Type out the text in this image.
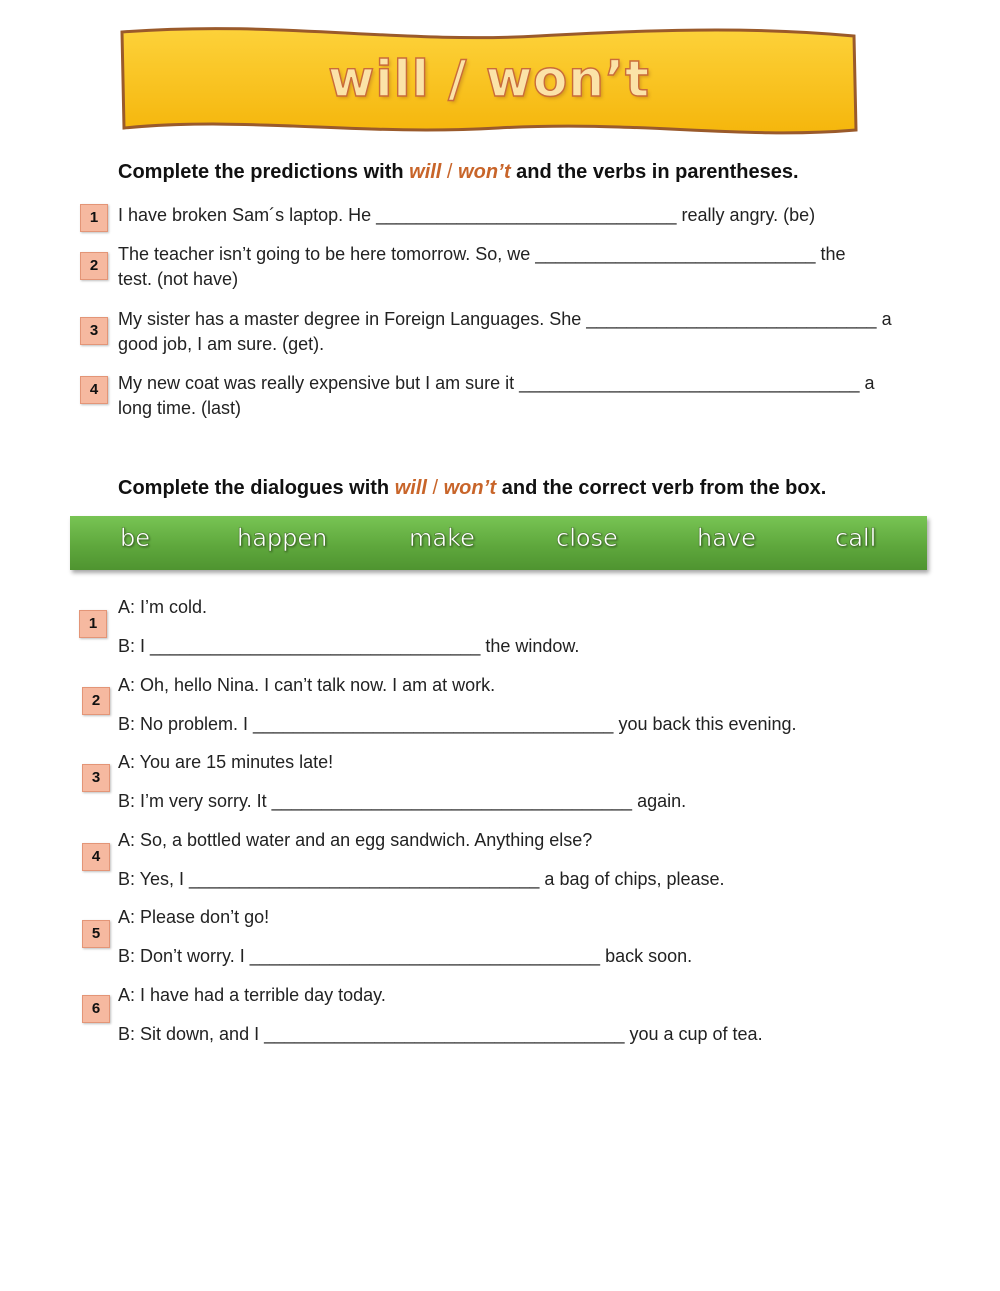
will / won’t
Complete the predictions with will / won’t and the verbs in parentheses.
1	I have broken Sam´s laptop. He ______________________________ really angry. (be)
2
The teacher isn’t going to be here tomorrow. So, we ____________________________ the
test. (not have)
3
My sister has a master degree in Foreign Languages. She _____________________________ a
good job, I am sure. (get).
4	My new coat was really expensive but I am sure it __________________________________ a
long time. (last)
Complete the dialogues with will / won’t and the correct verb from the box.
be	happen	make	close	have	call
1
A: I’m cold.
B: I _________________________________ the window.
2
A: Oh, hello Nina. I can’t talk now. I am at work.
B: No problem. I ____________________________________ you back this evening.
3
A: You are 15 minutes late!
B: I’m very sorry. It ____________________________________ again.
4
A: So, a bottled water and an egg sandwich. Anything else?
B: Yes, I ___________________________________ a bag of chips, please.
5
A: Please don’t go!
B: Don’t worry. I ___________________________________ back soon.
6
A: I have had a terrible day today.
B: Sit down, and I ____________________________________ you a cup of tea.
